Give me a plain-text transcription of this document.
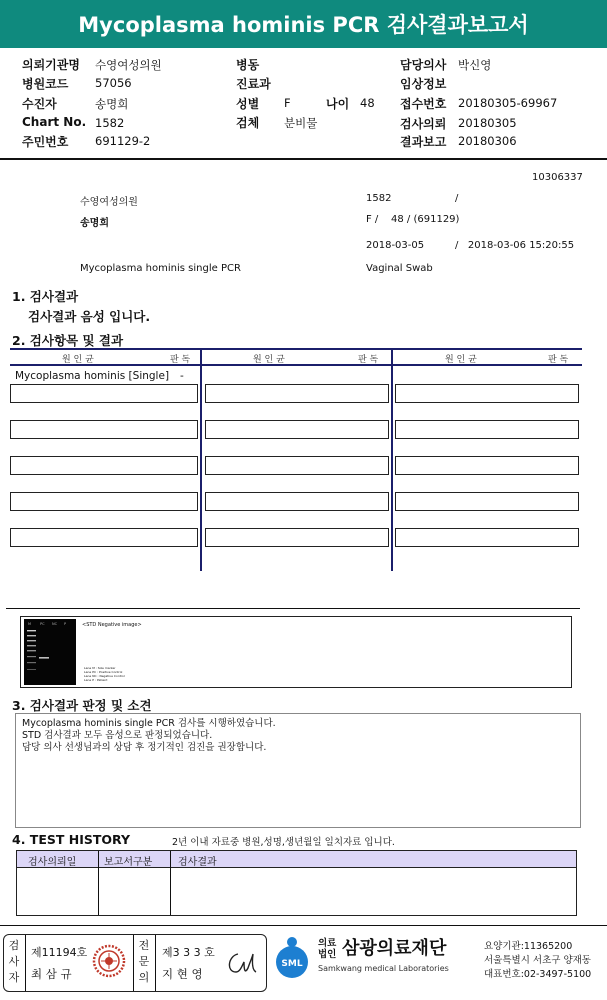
Mycoplasma hominis PCR 검사결과보고서
의뢰기관명 수영여성의원
병원코드 57056
수진자	송명희
Chart No. 1582
주민번호 691129-2
병동
진료과
성별 F	나이 48
검체 분비물
담당의사 박신영
임상정보
접수번호 20180305-69967
검사의뢰 20180305
결과보고 20180306
10306337
수영여성의원	1582	/
송명희	F /    48 / (691129)
2018-03-05	/   2018-03-06 15:20:55
Mycoplasma hominis single PCR	Vaginal Swab
1. 검사결과
검사결과 음성 입니다.
2. 검사항목 및 결과
원 인 균	판 독	원 인 균	판 독	원 인 균	판 독
Mycoplasma hominis [Single] -
M	PC NC P	<STD Negative image>
Lane M : Size marker
Lane PC : Positive Control
Lane NC : Negative Control
Lane P : Patient
3. 검사결과 판정 및 소견
Mycoplasma hominis single PCR 검사를 시행하였습니다.
STD 검사결과 모두 음성으로 판정되었습니다.
담당 의사 선생님과의 상담 후 정기적인 검진을 권장합니다.
4. TEST HISTORY	2년 이내 자료중 병원,성명,생년월일 일치자료 입니다.
검사의뢰일	보고서구분	검사결과
검사자
제11194호
최 삼 규
전문의
제3 3 3 호
지 현 영
SML
의료법인 삼광의료재단
Samkwang medical Laboratories
요양기관:11365200
서울특별시 서초구 양재동
대표번호:02-3497-5100
